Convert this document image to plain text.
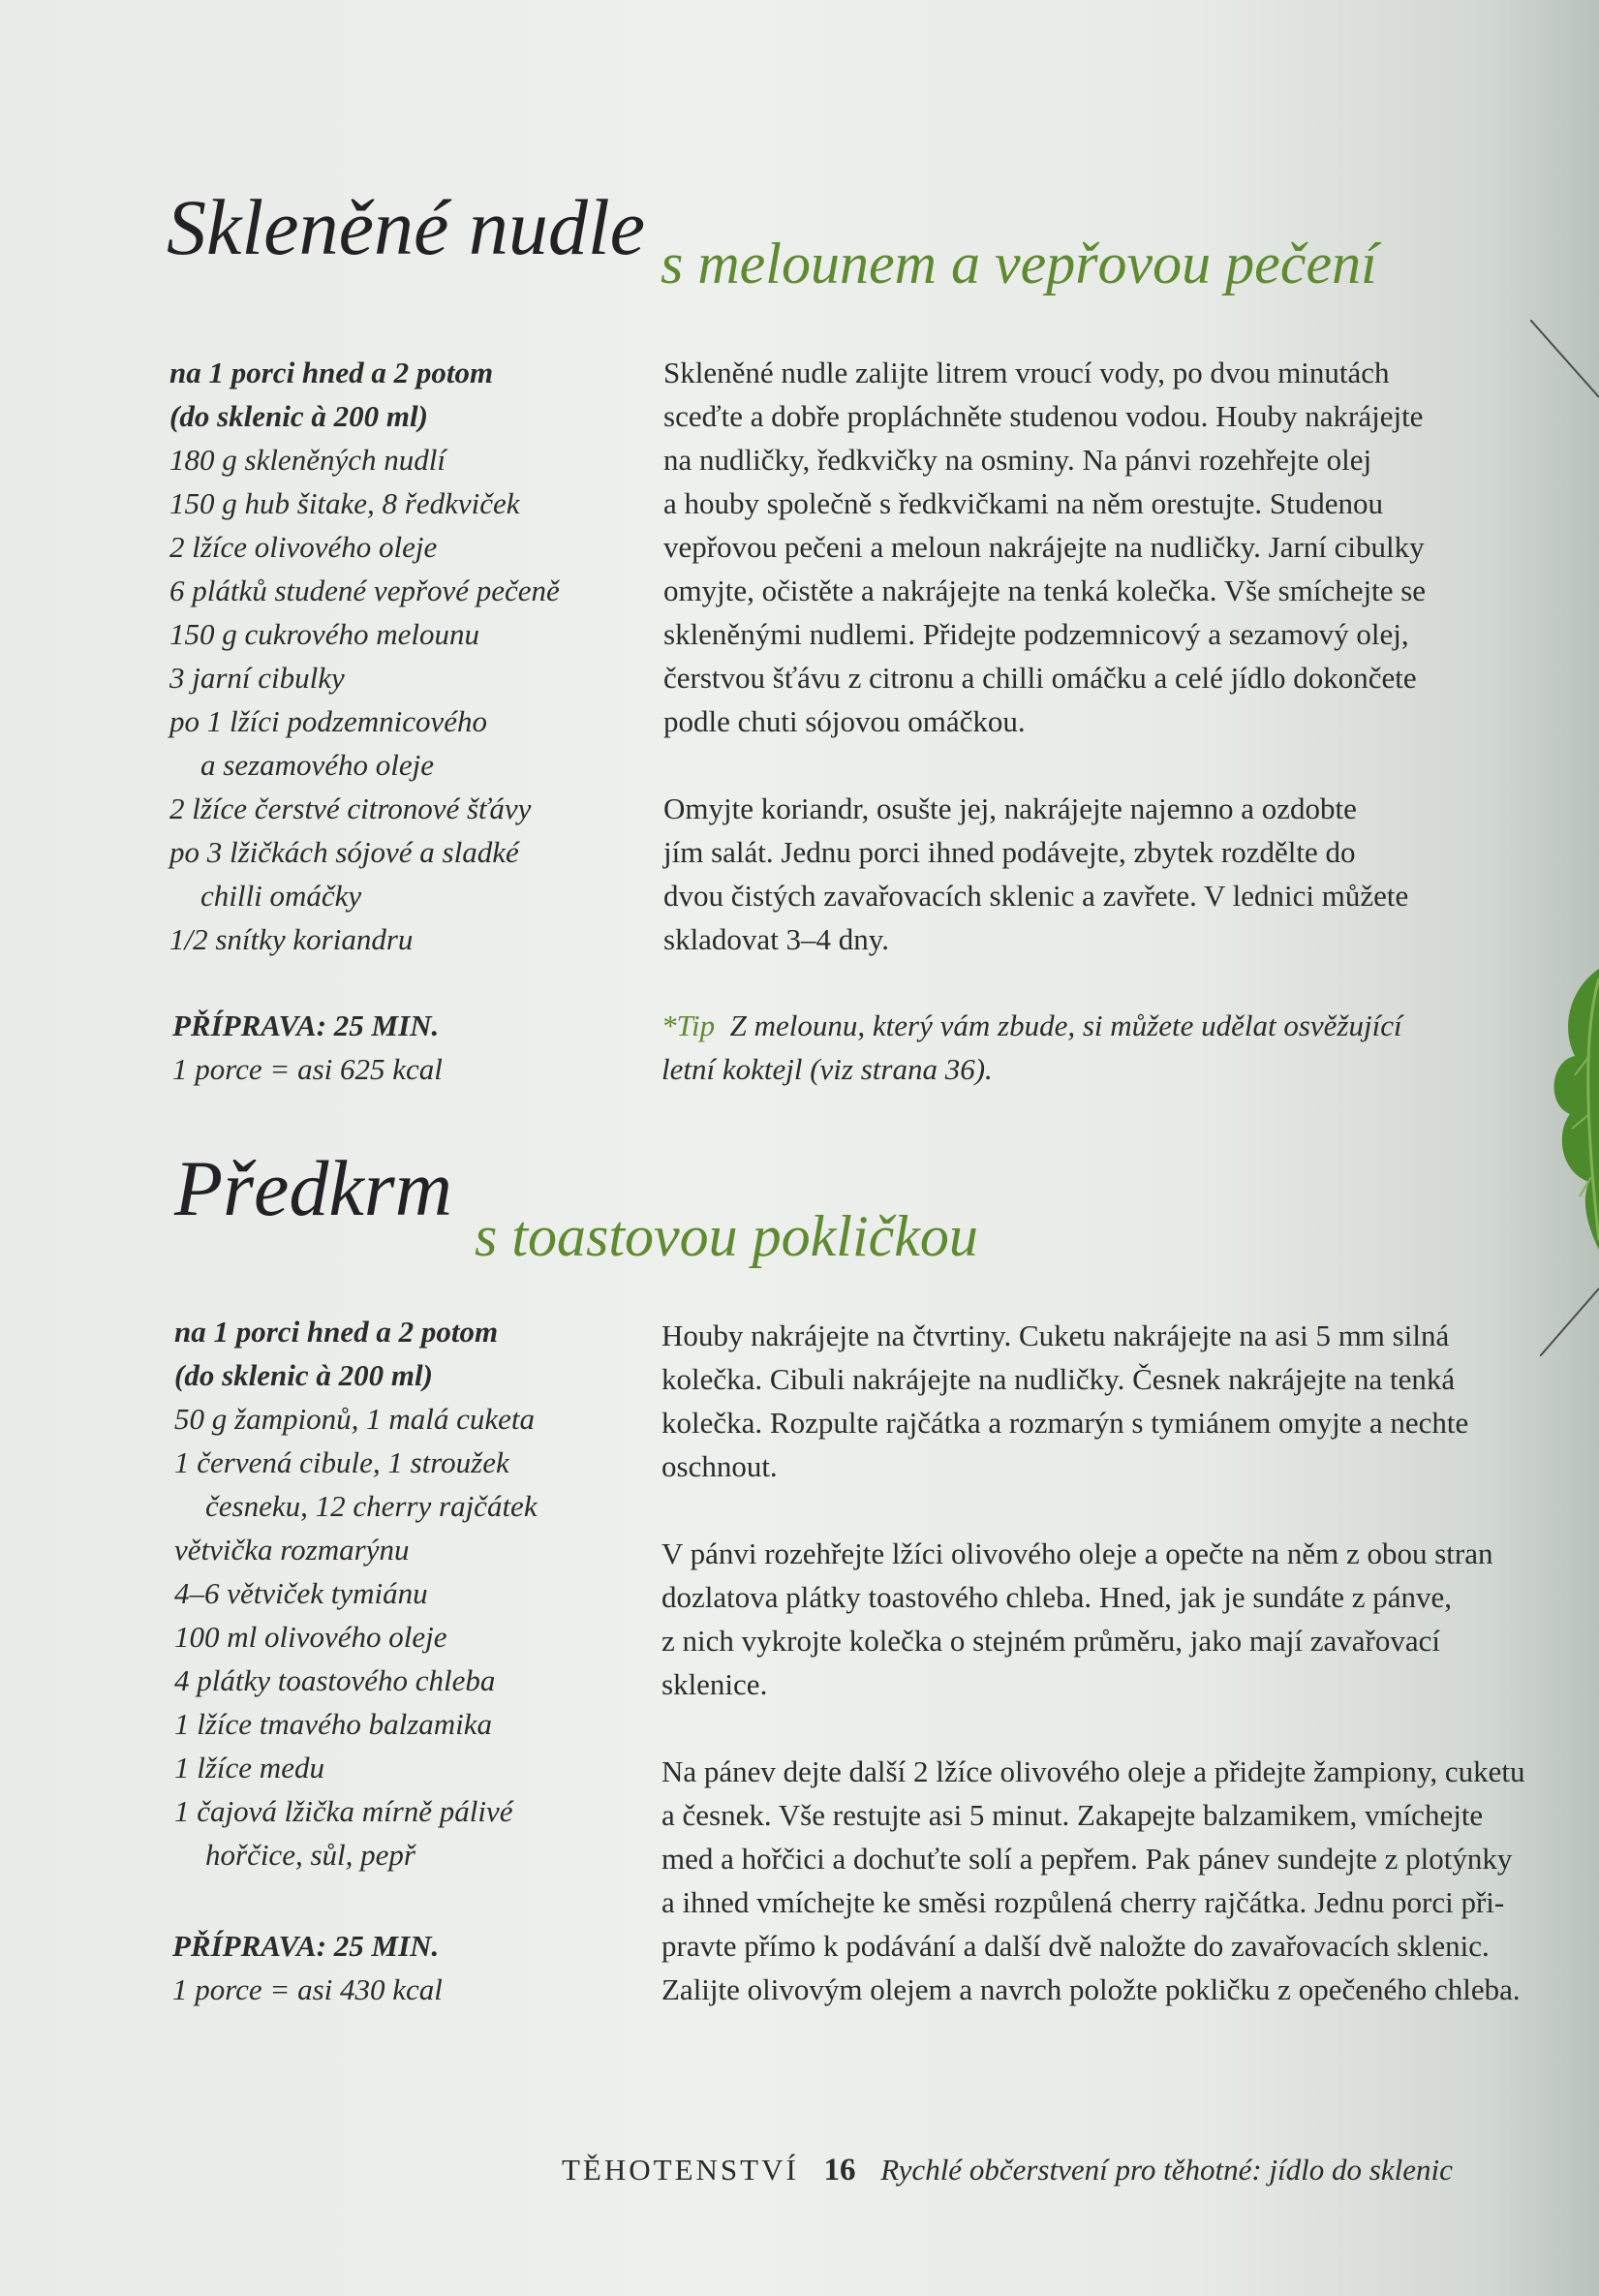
Skleněné nudle s melounem a vepřovou pečení
na 1 porci hned a 2 potom
(do sklenic à 200 ml)
180 g skleněných nudlí
150 g hub šitake, 8 ředkviček
2 lžíce olivového oleje
6 plátků studené vepřové pečeně
150 g cukrového melounu
3 jarní cibulky
po 1 lžíci podzemnicového
a sezamového oleje
2 lžíce čerstvé citronové šťávy
po 3 lžičkách sójové a sladké
chilli omáčky
1/2 snítky koriandru
PŘÍPRAVA: 25 MIN.
1 porce = asi 625 kcal

Skleněné nudle zalijte litrem vroucí vody, po dvou minutách
sceďte a dobře propláchněte studenou vodou. Houby nakrájejte
na nudličky, ředkvičky na osminy. Na pánvi rozehřejte olej
a houby společně s ředkvičkami na něm orestujte. Studenou
vepřovou pečeni a meloun nakrájejte na nudličky. Jarní cibulky
omyjte, očistěte a nakrájejte na tenká kolečka. Vše smíchejte se
skleněnými nudlemi. Přidejte podzemnicový a sezamový olej,
čerstvou šťávu z citronu a chilli omáčku a celé jídlo dokončete
podle chuti sójovou omáčkou.

Omyjte koriandr, osušte jej, nakrájejte najemno a ozdobte
jím salát. Jednu porci ihned podávejte, zbytek rozdělte do
dvou čistých zavařovacích sklenic a zavřete. V lednici můžete
skladovat 3–4 dny.

*Tip Z melounu, který vám zbude, si můžete udělat osvěžující
letní koktejl (viz strana 36).
Předkrm
s toastovou pokličkou
na 1 porci hned a 2 potom
(do sklenic à 200 ml)
50 g žampionů, 1 malá cuketa
1 červená cibule, 1 stroužek
česneku, 12 cherry rajčátek
větvička rozmarýnu
4–6 větviček tymiánu
100 ml olivového oleje
4 plátky toastového chleba
1 lžíce tmavého balzamika
1 lžíce medu
1 čajová lžička mírně pálivé
hořčice, sůl, pepř
PŘÍPRAVA: 25 MIN.
1 porce = asi 430 kcal

Houby nakrájejte na čtvrtiny. Cuketu nakrájejte na asi 5 mm silná
kolečka. Cibuli nakrájejte na nudličky. Česnek nakrájejte na tenká
kolečka. Rozpulte rajčátka a rozmarýn s tymiánem omyjte a nechte
oschnout.

V pánvi rozehřejte lžíci olivového oleje a opečte na něm z obou stran
dozlatova plátky toastového chleba. Hned, jak je sundáte z pánve,
z nich vykrojte kolečka o stejném průměru, jako mají zavařovací
sklenice.

Na pánev dejte další 2 lžíce olivového oleje a přidejte žampiony, cuketu
a česnek. Vše restujte asi 5 minut. Zakapejte balzamikem, vmíchejte
med a hořčici a dochuťte solí a pepřem. Pak pánev sundejte z plotýnky
a ihned vmíchejte ke směsi rozpůlená cherry rajčátka. Jednu porci při-
pravte přímo k podávání a další dvě naložte do zavařovacích sklenic.
Zalijte olivovým olejem a navrch položte pokličku z opečeného chleba.

TĚHOTENSTVÍ 16 Rychlé občerstvení pro těhotné: jídlo do sklenic
